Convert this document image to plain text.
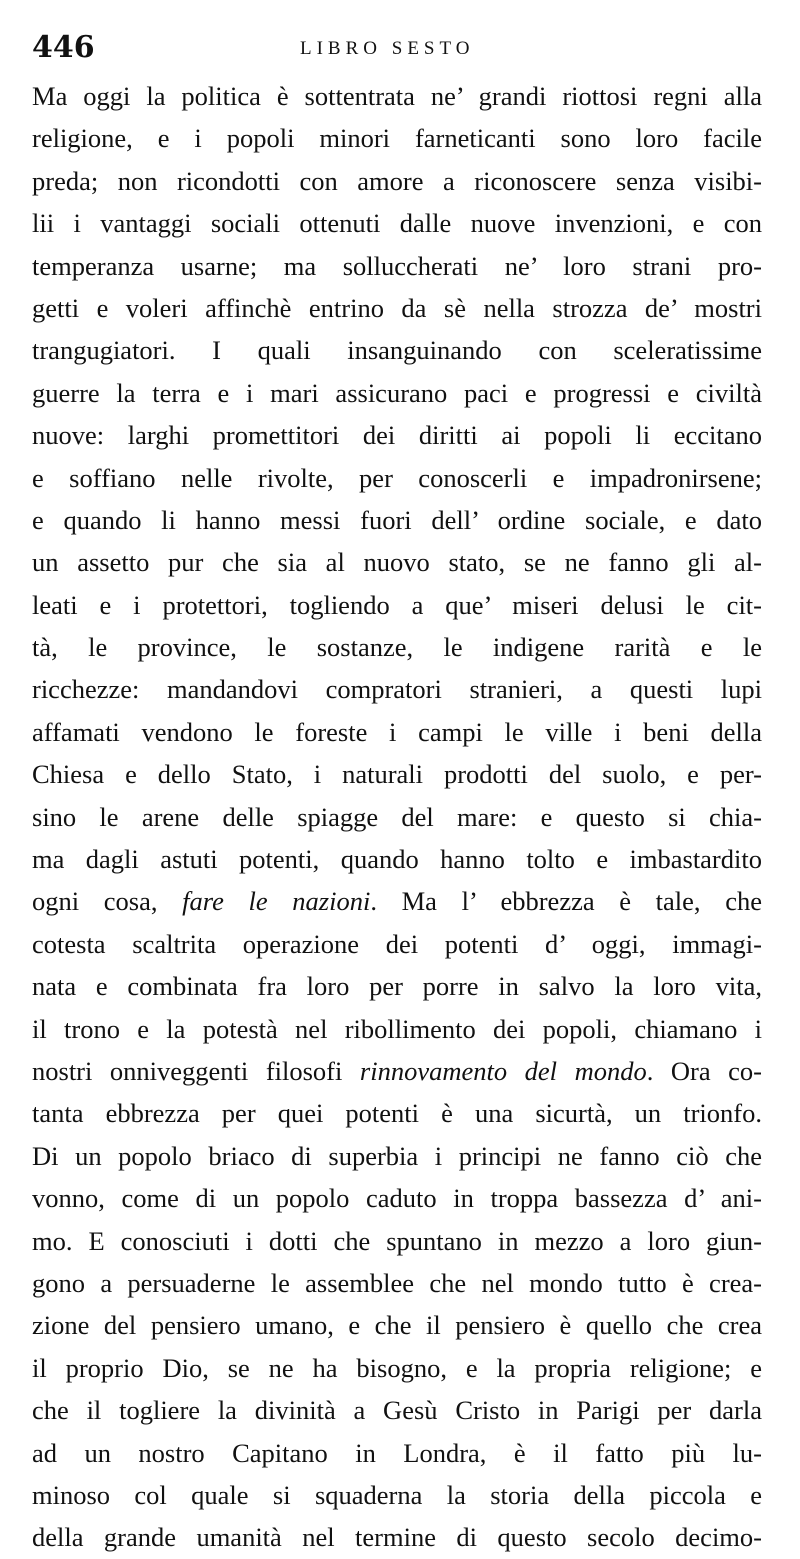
446	LIBRO SESTO
Ma oggi la politica è sottentrata ne’ grandi riottosi regni alla
religione, e i popoli minori farneticanti sono loro facile
preda; non ricondotti con amore a riconoscere senza visibi-
lii i vantaggi sociali ottenuti dalle nuove invenzioni, e con
temperanza usarne; ma solluccherati ne’ loro strani pro-
getti e voleri affinchè entrino da sè nella strozza de’ mostri
trangugiatori. I quali insanguinando con sceleratissime
guerre la terra e i mari assicurano paci e progressi e civiltà
nuove: larghi promettitori dei diritti ai popoli li eccitano
e soffiano nelle rivolte, per conoscerli e impadronirsene;
e quando li hanno messi fuori dell’ ordine sociale, e dato
un assetto pur che sia al nuovo stato, se ne fanno gli al-
leati e i protettori, togliendo a que’ miseri delusi le cit-
tà, le province, le sostanze, le indigene rarità e le
ricchezze: mandandovi compratori stranieri, a questi lupi
affamati vendono le foreste i campi le ville i beni della
Chiesa e dello Stato, i naturali prodotti del suolo, e per-
sino le arene delle spiagge del mare: e questo si chia-
ma dagli astuti potenti, quando hanno tolto e imbastardito
ogni cosa, fare le nazioni. Ma l’ ebbrezza è tale, che
cotesta scaltrita operazione dei potenti d’ oggi, immagi-
nata e combinata fra loro per porre in salvo la loro vita,
il trono e la potestà nel ribollimento dei popoli, chiamano i
nostri onniveggenti filosofi rinnovamento del mondo. Ora co-
tanta ebbrezza per quei potenti è una sicurtà, un trionfo.
Di un popolo briaco di superbia i principi ne fanno ciò che
vonno, come di un popolo caduto in troppa bassezza d’ ani-
mo. E conosciuti i dotti che spuntano in mezzo a loro giun-
gono a persuaderne le assemblee che nel mondo tutto è crea-
zione del pensiero umano, e che il pensiero è quello che crea
il proprio Dio, se ne ha bisogno, e la propria religione; e
che il togliere la divinità a Gesù Cristo in Parigi per darla
ad un nostro Capitano in Londra, è il fatto più lu-
minoso col quale si squaderna la storia della piccola e
della grande umanità nel termine di questo secolo decimo-
